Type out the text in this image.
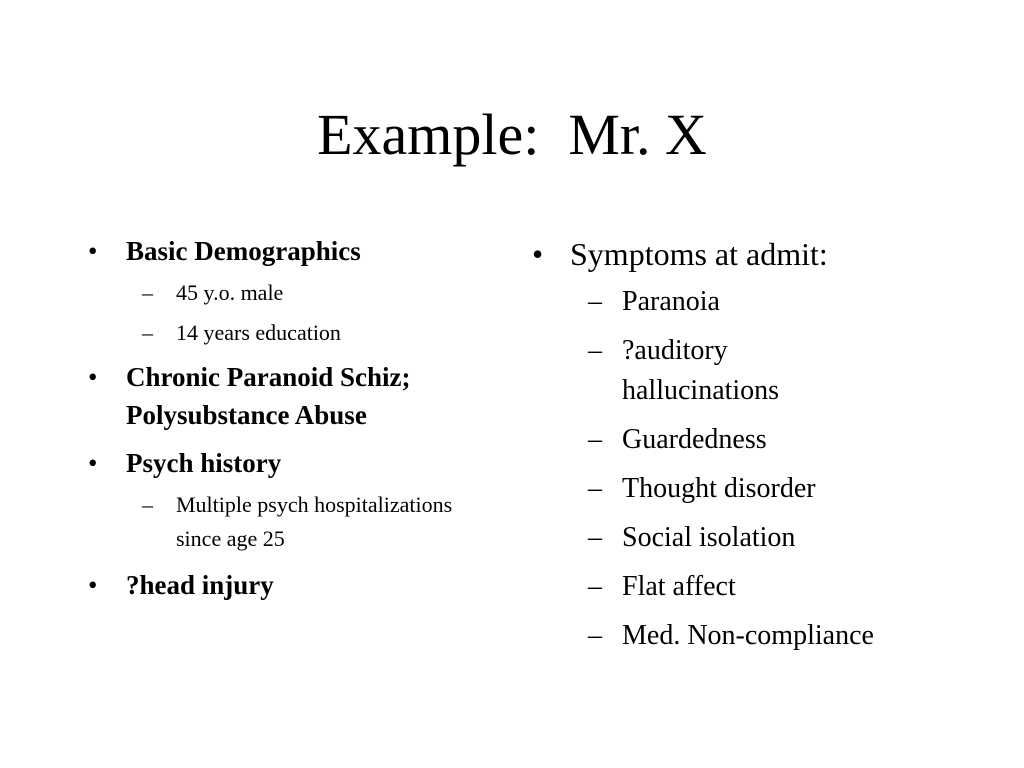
Example:  Mr. X
• Basic Demographics
– 45 y.o. male
– 14 years education
• Chronic Paranoid Schiz; Polysubstance Abuse
• Psych history
– Multiple psych hospitalizations since age 25
• ?head injury
• Symptoms at admit:
– Paranoia
– ?auditory hallucinations
– Guardedness
– Thought disorder
– Social isolation
– Flat affect
– Med. Non-compliance
